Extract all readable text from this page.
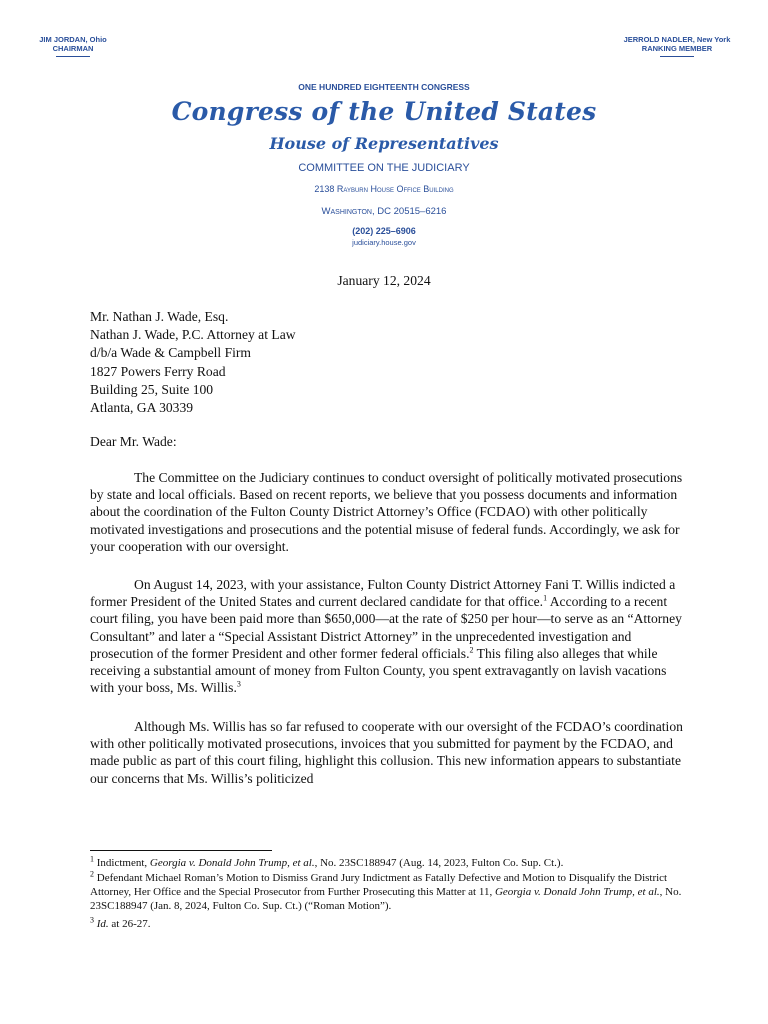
JIM JORDAN, Ohio
CHAIRMAN
JERROLD NADLER, New York
RANKING MEMBER
ONE HUNDRED EIGHTEENTH CONGRESS
Congress of the United States
House of Representatives
COMMITTEE ON THE JUDICIARY
2138 Rayburn House Office Building
Washington, DC 20515–6216
(202) 225–6906
judiciary.house.gov
January 12, 2024
Mr. Nathan J. Wade, Esq.
Nathan J. Wade, P.C. Attorney at Law
d/b/a Wade & Campbell Firm
1827 Powers Ferry Road
Building 25, Suite 100
Atlanta, GA 30339
Dear Mr. Wade:
The Committee on the Judiciary continues to conduct oversight of politically motivated prosecutions by state and local officials. Based on recent reports, we believe that you possess documents and information about the coordination of the Fulton County District Attorney’s Office (FCDAO) with other politically motivated investigations and prosecutions and the potential misuse of federal funds. Accordingly, we ask for your cooperation with our oversight.
On August 14, 2023, with your assistance, Fulton County District Attorney Fani T. Willis indicted a former President of the United States and current declared candidate for that office.$^1$ According to a recent court filing, you have been paid more than $650,000—at the rate of $250 per hour—to serve as an “Attorney Consultant” and later a “Special Assistant District Attorney” in the unprecedented investigation and prosecution of the former President and other former federal officials.$^2$ This filing also alleges that while receiving a substantial amount of money from Fulton County, you spent extravagantly on lavish vacations with your boss, Ms. Willis.$^3$
Although Ms. Willis has so far refused to cooperate with our oversight of the FCDAO’s coordination with other politically motivated prosecutions, invoices that you submitted for payment by the FCDAO, and made public as part of this court filing, highlight this collusion. This new information appears to substantiate our concerns that Ms. Willis’s politicized
$^1$ Indictment, Georgia v. Donald John Trump, et al., No. 23SC188947 (Aug. 14, 2023, Fulton Co. Sup. Ct.).
$^2$ Defendant Michael Roman’s Motion to Dismiss Grand Jury Indictment as Fatally Defective and Motion to Disqualify the District Attorney, Her Office and the Special Prosecutor from Further Prosecuting this Matter at 11, Georgia v. Donald John Trump, et al., No. 23SC188947 (Jan. 8, 2024, Fulton Co. Sup. Ct.) (“Roman Motion”).
$^3$ Id. at 26-27.
